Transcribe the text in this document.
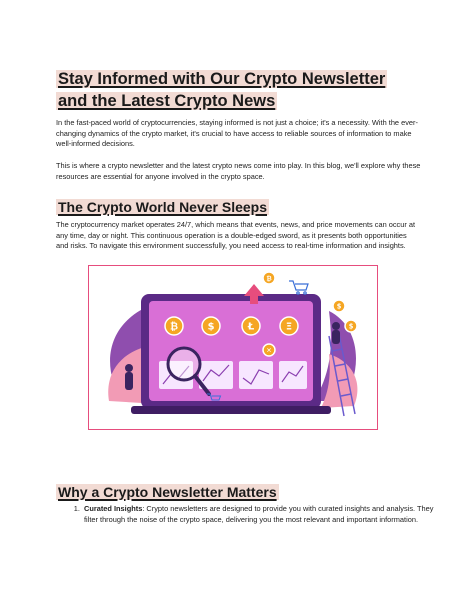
Stay Informed with Our Crypto Newsletter and the Latest Crypto News
In the fast-paced world of cryptocurrencies, staying informed is not just a choice; it's a necessity. With the ever-changing dynamics of the crypto market, it's crucial to have access to reliable sources of information to make well-informed decisions.
This is where a crypto newsletter and the latest crypto news come into play. In this blog, we'll explore why these resources are essential for anyone involved in the crypto space.
The Crypto World Never Sleeps
The cryptocurrency market operates 24/7, which means that events, news, and price movements can occur at any time, day or night. This continuous operation is a double-edged sword, as it presents both opportunities and risks. To navigate this environment successfully, you need access to real-time information and insights.
₿	$	Ł	Ξ
✕
₿
$
$
Why a Crypto Newsletter Matters
1. Curated Insights: Crypto newsletters are designed to provide you with curated insights and analysis. They filter through the noise of the crypto space, delivering you the most relevant and important information.
